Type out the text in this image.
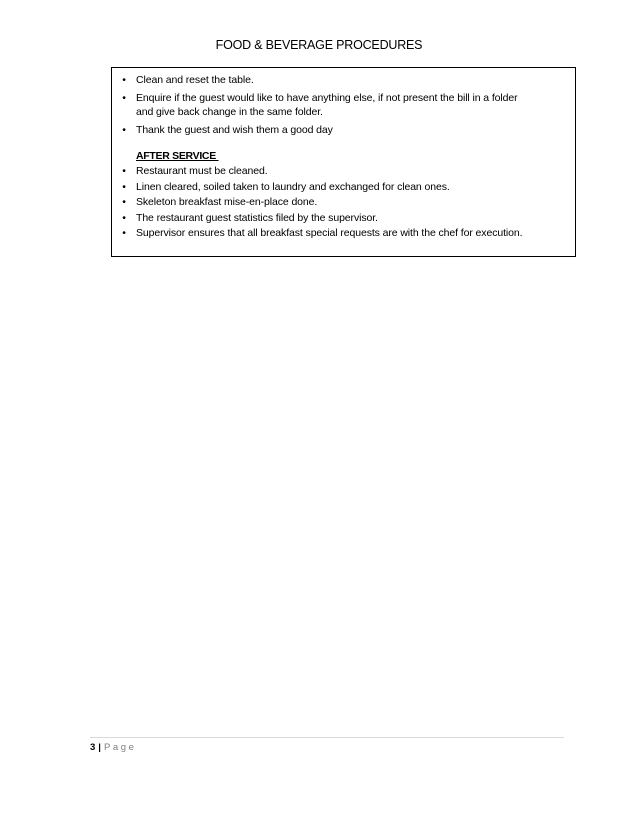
FOOD & BEVERAGE PROCEDURES
• Clean and reset the table.
• Enquire if the guest would like to have anything else, if not present the bill in a folder
and give back change in the same folder.
• Thank the guest and wish them a good day
AFTER SERVICE
• Restaurant must be cleaned.
• Linen cleared, soiled taken to laundry and exchanged for clean ones.
• Skeleton breakfast mise-en-place done.
• The restaurant guest statistics filed by the supervisor.
• Supervisor ensures that all breakfast special requests are with the chef for execution.
3 | Page
